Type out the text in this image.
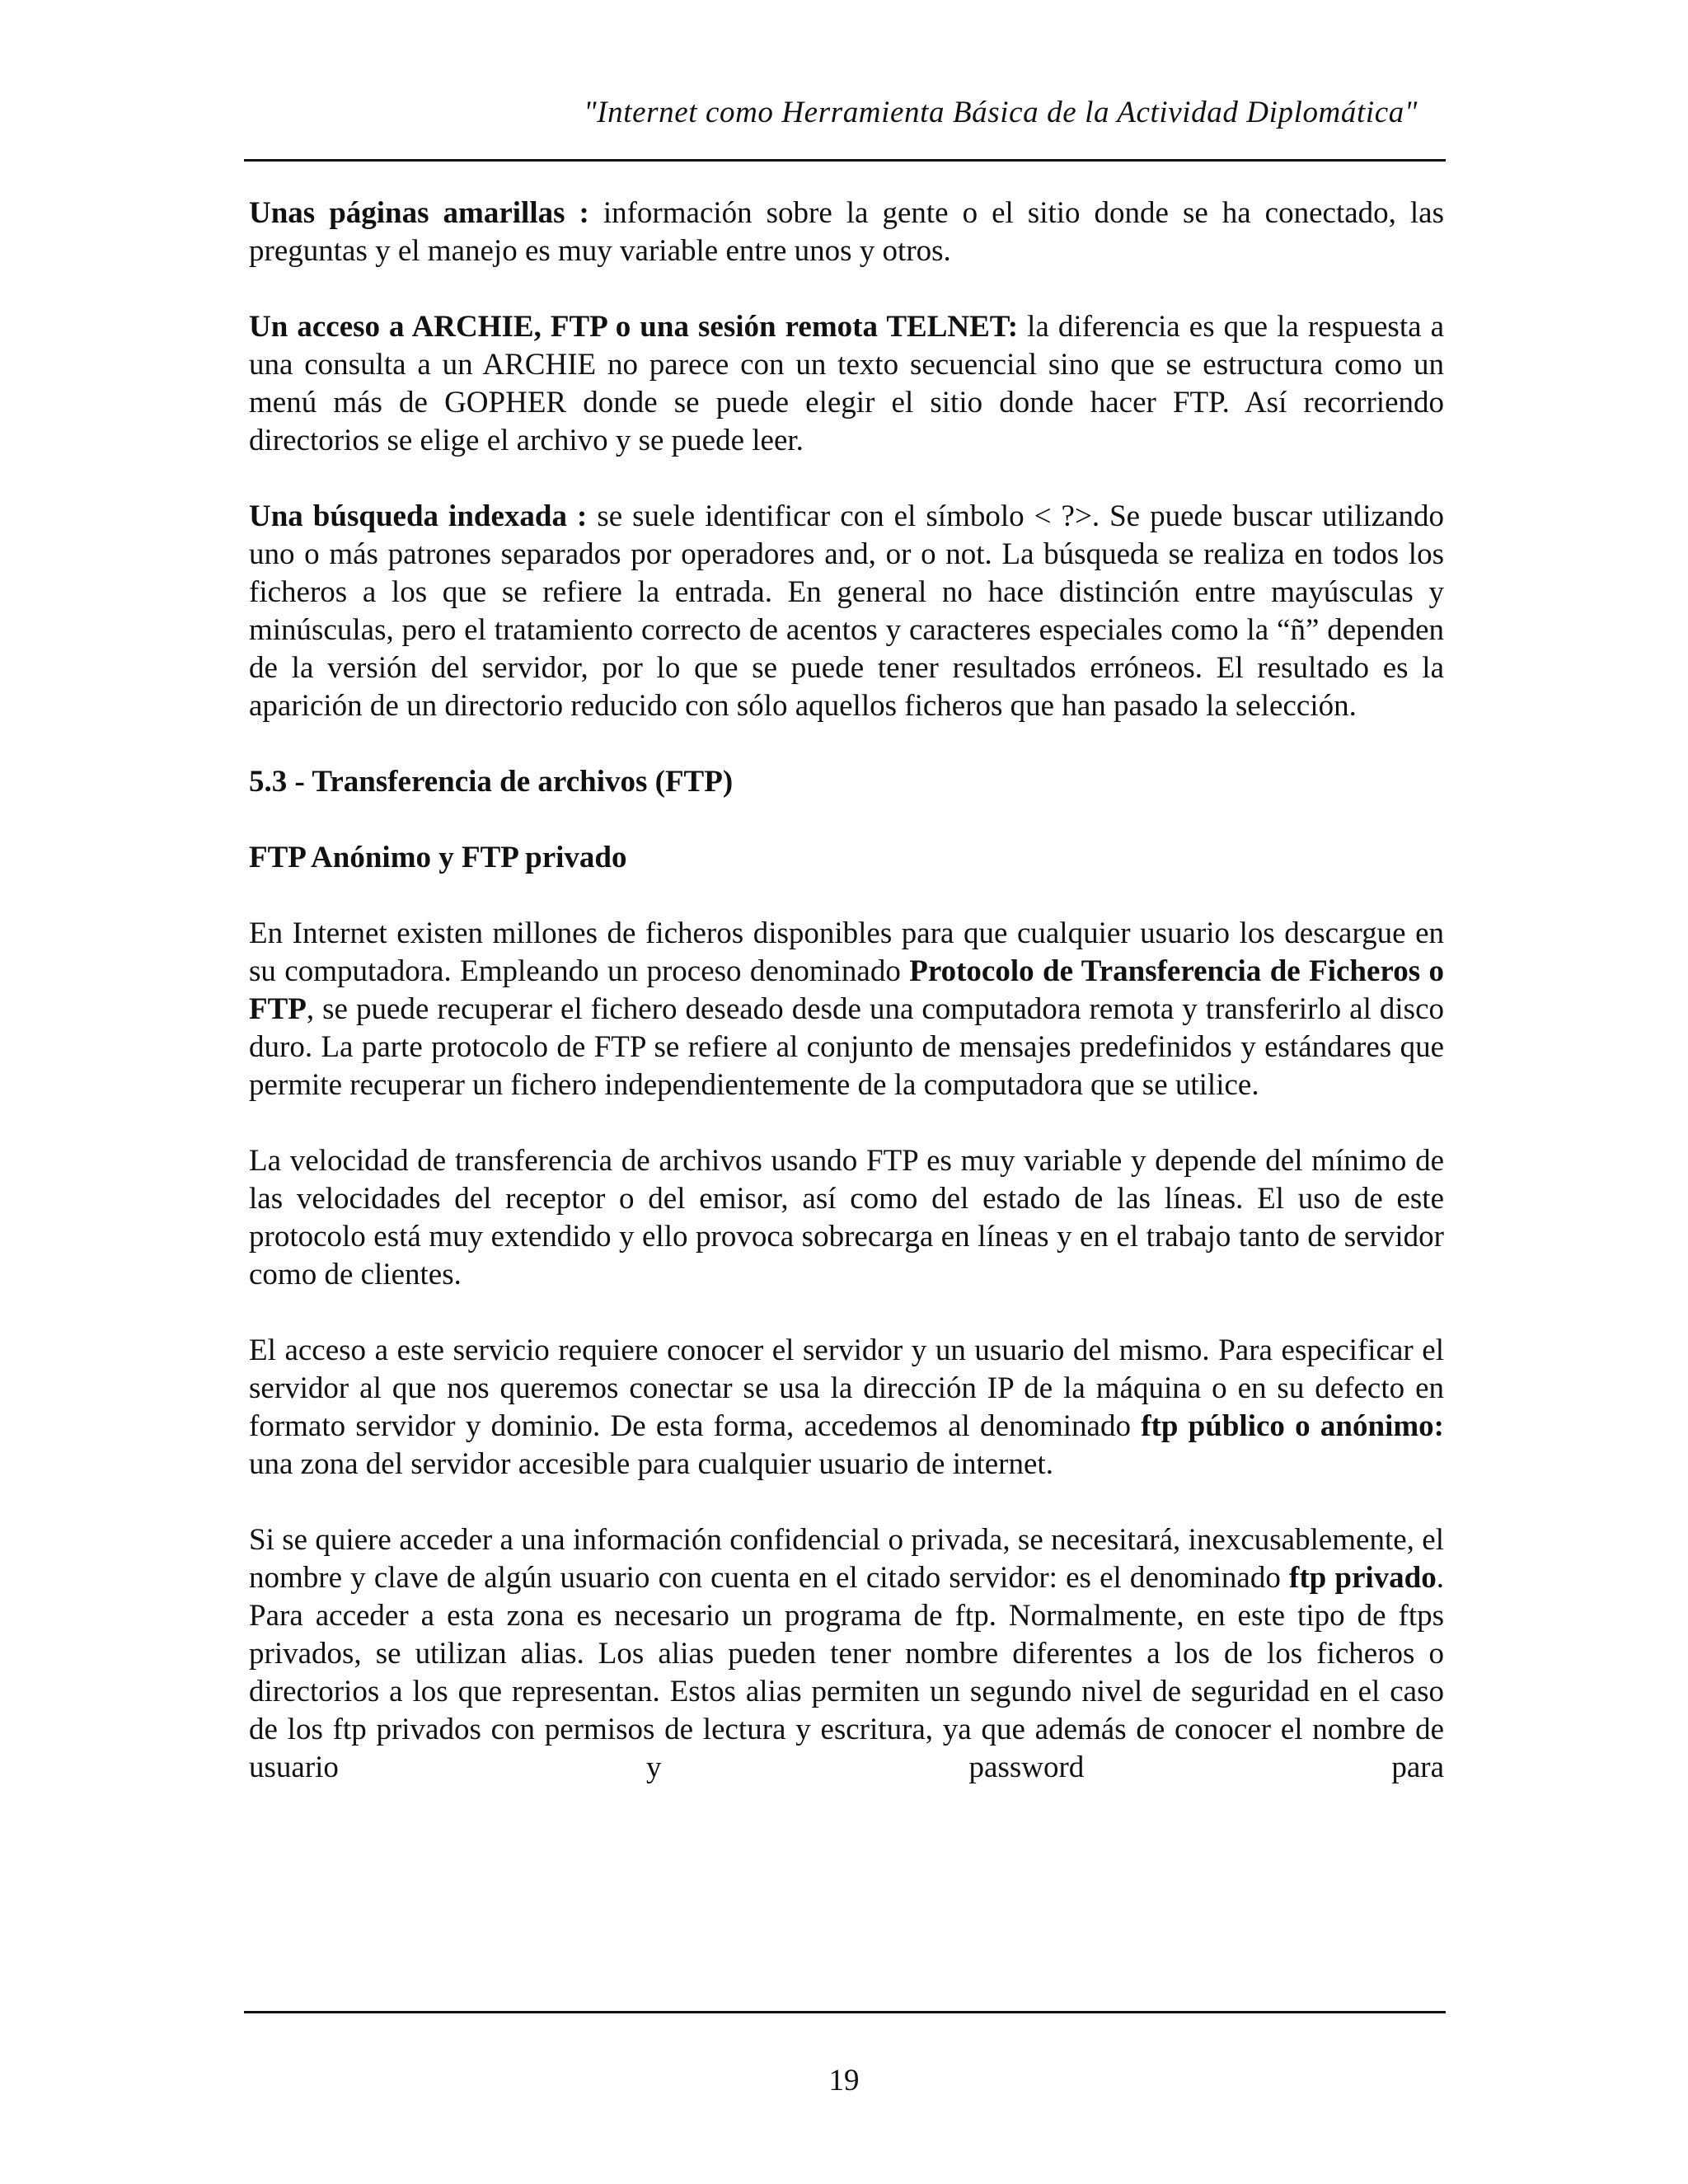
"Internet como Herramienta Básica de la Actividad Diplomática"

Unas páginas amarillas : información sobre la gente o el sitio donde se ha conectado, las preguntas y el manejo es muy variable entre unos y otros.

Un acceso a ARCHIE, FTP o una sesión remota TELNET: la diferencia es que la respuesta a una consulta a un ARCHIE no parece con un texto secuencial sino que se estructura como un menú más de GOPHER donde se puede elegir el sitio donde hacer FTP. Así recorriendo directorios se elige el archivo y se puede leer.

Una búsqueda indexada : se suele identificar con el símbolo < ?>. Se puede buscar utilizando uno o más patrones separados por operadores and, or o not. La búsqueda se realiza en todos los ficheros a los que se refiere la entrada. En general no hace distinción entre mayúsculas y minúsculas, pero el tratamiento correcto de acentos y caracteres especiales como la “ñ” dependen de la versión del servidor, por lo que se puede tener resultados erróneos. El resultado es la aparición de un directorio reducido con sólo aquellos ficheros que han pasado la selección.

5.3 - Transferencia de archivos (FTP)
FTP Anónimo y FTP privado

En Internet existen millones de ficheros disponibles para que cualquier usuario los descargue en su computadora. Empleando un proceso denominado Protocolo de Transferencia de Ficheros o FTP, se puede recuperar el fichero deseado desde una computadora remota y transferirlo al disco duro. La parte protocolo de FTP se refiere al conjunto de mensajes predefinidos y estándares que permite recuperar un fichero independientemente de la computadora que se utilice.

La velocidad de transferencia de archivos usando FTP es muy variable y depende del mínimo de las velocidades del receptor o del emisor, así como del estado de las líneas. El uso de este protocolo está muy extendido y ello provoca sobrecarga en líneas y en el trabajo tanto de servidor como de clientes.

El acceso a este servicio requiere conocer el servidor y un usuario del mismo. Para especificar el servidor al que nos queremos conectar se usa la dirección IP de la máquina o en su defecto en formato servidor y dominio. De esta forma, accedemos al denominado ftp público o anónimo: una zona del servidor accesible para cualquier usuario de internet.

Si se quiere acceder a una información confidencial o privada, se necesitará, inexcusablemente, el nombre y clave de algún usuario con cuenta en el citado servidor: es el denominado ftp privado. Para acceder a esta zona es necesario un programa de ftp. Normalmente, en este tipo de ftps privados, se utilizan alias. Los alias pueden tener nombre diferentes a los de los ficheros o directorios a los que representan. Estos alias permiten un segundo nivel de seguridad en el caso de los ftp privados con permisos de lectura y escritura, ya que además de conocer el nombre de usuario y password para

19
